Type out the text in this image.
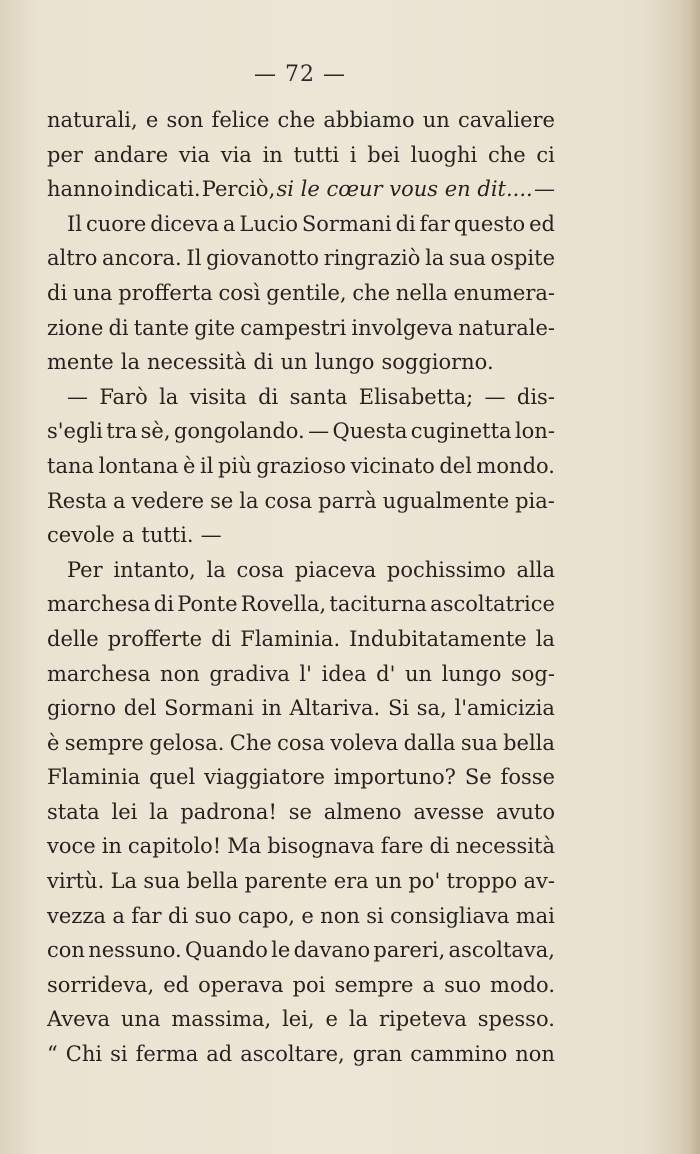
— 72 —
naturali, e son felice che abbiamo un cavaliere
per andare via via in tutti i bei luoghi che ci
hanno indicati. Perciò, si le cœur vous en dit.... —
Il cuore diceva a Lucio Sormani di far questo ed
altro ancora. Il giovanotto ringraziò la sua ospite
di una profferta così gentile, che nella enumera-
zione di tante gite campestri involgeva naturale-
mente la necessità di un lungo soggiorno.
— Farò la visita di santa Elisabetta; — dis-
s'egli tra sè, gongolando. — Questa cuginetta lon-
tana lontana è il più grazioso vicinato del mondo.
Resta a vedere se la cosa parrà ugualmente pia-
cevole a tutti. —
Per intanto, la cosa piaceva pochissimo alla
marchesa di Ponte Rovella, taciturna ascoltatrice
delle profferte di Flaminia. Indubitatamente la
marchesa non gradiva l' idea d' un lungo sog-
giorno del Sormani in Altariva. Si sa, l'amicizia
è sempre gelosa. Che cosa voleva dalla sua bella
Flaminia quel viaggiatore importuno? Se fosse
stata lei la padrona! se almeno avesse avuto
voce in capitolo! Ma bisognava fare di necessità
virtù. La sua bella parente era un po' troppo av-
vezza a far di suo capo, e non si consigliava mai
con nessuno. Quando le davano pareri, ascoltava,
sorrideva, ed operava poi sempre a suo modo.
Aveva una massima, lei, e la ripeteva spesso.
“ Chi si ferma ad ascoltare, gran cammino non
